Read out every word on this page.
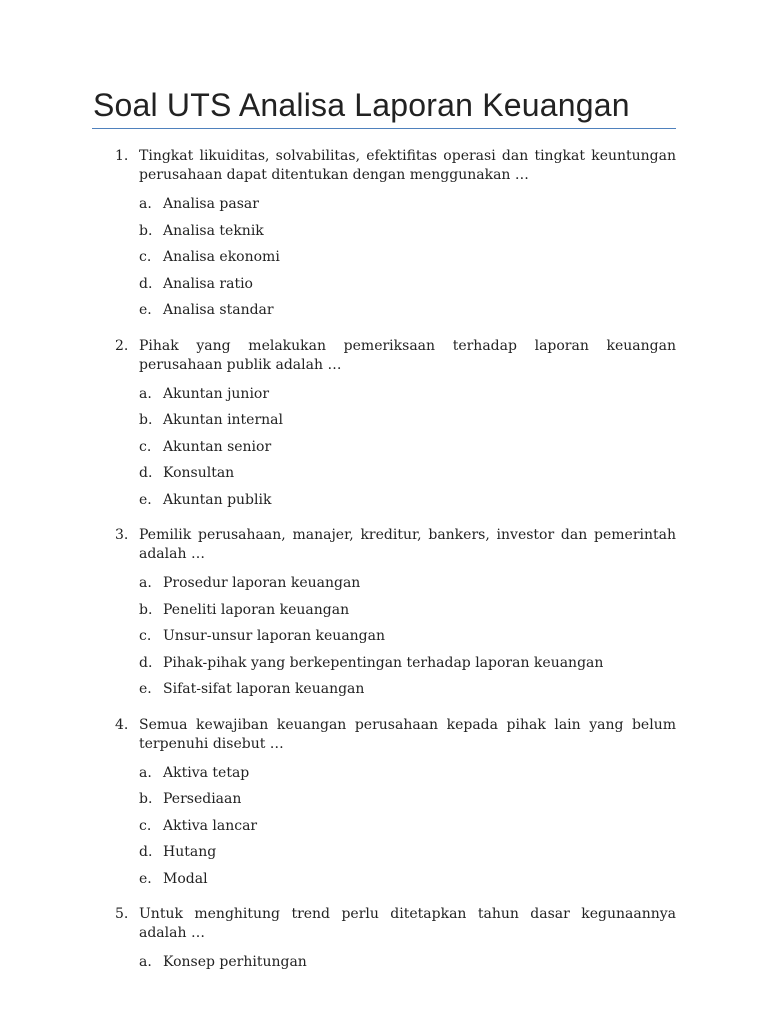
Soal UTS Analisa Laporan Keuangan
1. Tingkat likuiditas, solvabilitas, efektifitas operasi dan tingkat keuntungan perusahaan dapat ditentukan dengan menggunakan …

a. Analisa pasar
b. Analisa teknik
c. Analisa ekonomi
d. Analisa ratio
e. Analisa standar
2. Pihak yang melakukan pemeriksaan terhadap laporan keuangan perusahaan publik adalah …

a. Akuntan junior
b. Akuntan internal
c. Akuntan senior
d. Konsultan
e. Akuntan publik
3. Pemilik perusahaan, manajer, kreditur, bankers, investor dan pemerintah adalah …

a. Prosedur laporan keuangan
b. Peneliti laporan keuangan
c. Unsur-unsur laporan keuangan
d. Pihak-pihak yang berkepentingan terhadap laporan keuangan
e. Sifat-sifat laporan keuangan
4. Semua kewajiban keuangan perusahaan kepada pihak lain yang belum terpenuhi disebut …

a. Aktiva tetap
b. Persediaan
c. Aktiva lancar
d. Hutang
e. Modal
5. Untuk menghitung trend perlu ditetapkan tahun dasar kegunaannya adalah …

a. Konsep perhitungan
